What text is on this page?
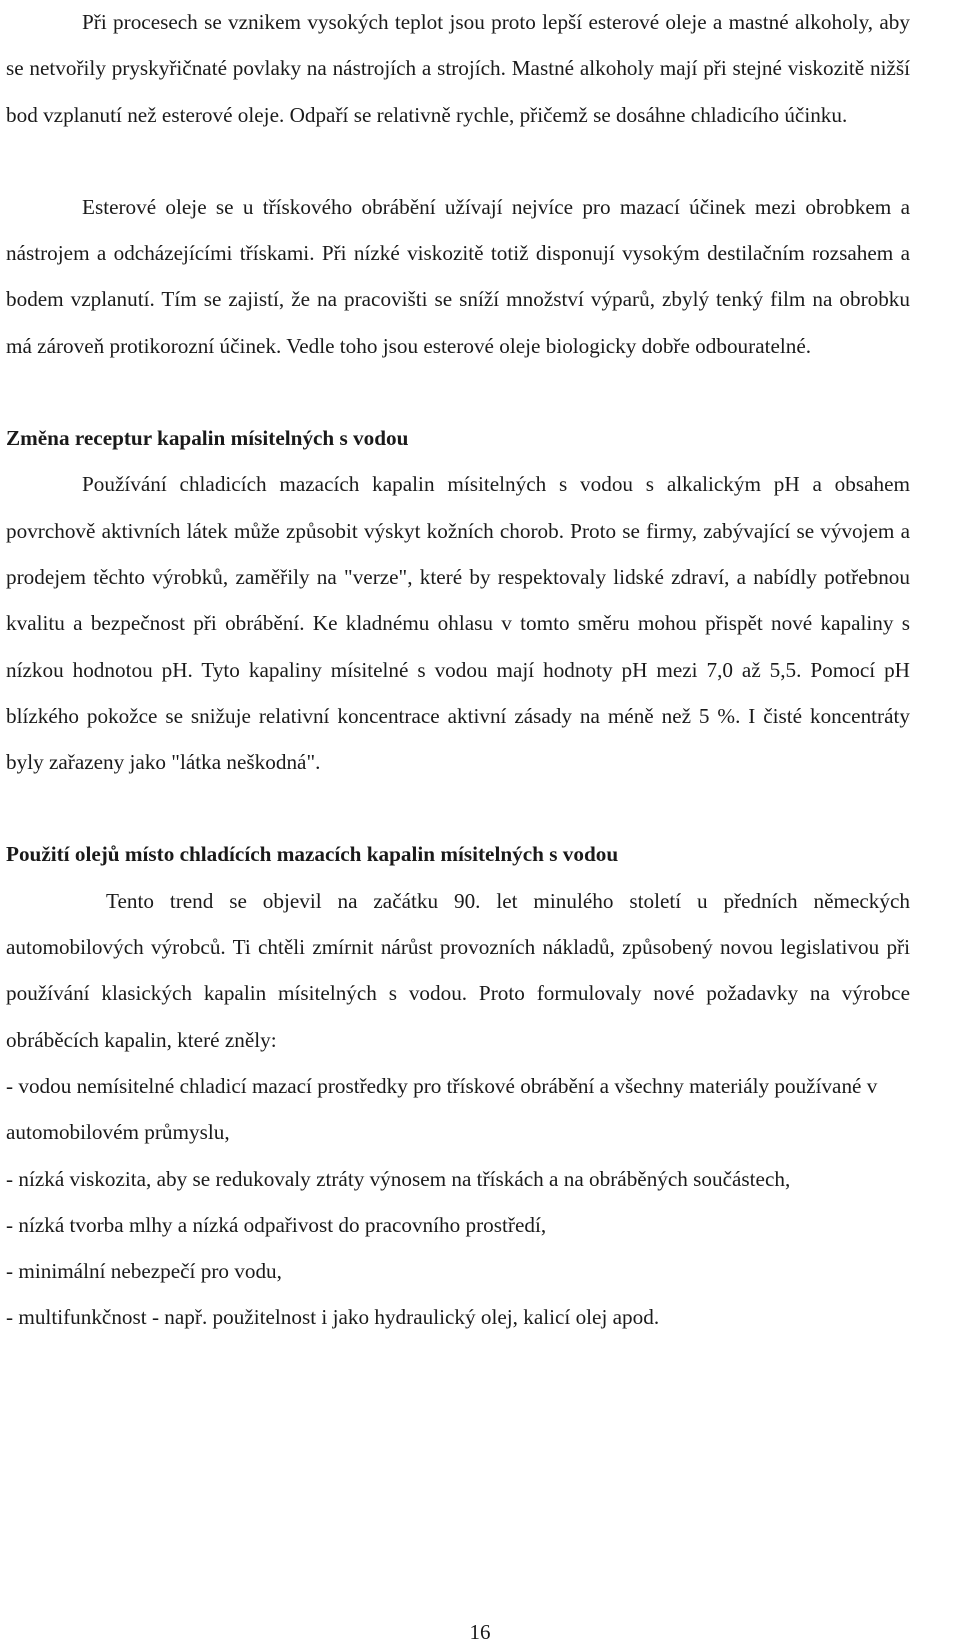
Při procesech se vznikem vysokých teplot jsou proto lepší esterové oleje a mastné alkoholy, aby se netvořily pryskyřičnaté povlaky na nástrojích a strojích. Mastné alkoholy mají při stejné viskozitě nižší bod vzplanutí než esterové oleje. Odpaří se relativně rychle, přičemž se dosáhne chladicího účinku.

Esterové oleje se u třískového obrábění užívají nejvíce pro mazací účinek mezi obrobkem a nástrojem a odcházejícími třískami. Při nízké viskozitě totiž disponují vysokým destilačním rozsahem a bodem vzplanutí. Tím se zajistí, že na pracovišti se sníží množství výparů, zbylý tenký film na obrobku má zároveň protikorozní účinek. Vedle toho jsou esterové oleje biologicky dobře odbouratelné.

Změna receptur kapalin mísitelných s vodou

Používání chladicích mazacích kapalin mísitelných s vodou s alkalickým pH a obsahem povrchově aktivních látek může způsobit výskyt kožních chorob. Proto se firmy, zabývající se vývojem a prodejem těchto výrobků, zaměřily na "verze", které by respektovaly lidské zdraví, a nabídly potřebnou kvalitu a bezpečnost při obrábění. Ke kladnému ohlasu v tomto směru mohou přispět nové kapaliny s nízkou hodnotou pH. Tyto kapaliny mísitelné s vodou mají hodnoty pH mezi 7,0 až 5,5. Pomocí pH blízkého pokožce se snižuje relativní koncentrace aktivní zásady na méně než 5 %. I čisté koncentráty byly zařazeny jako "látka neškodná".

Použití olejů místo chladících mazacích kapalin mísitelných s vodou

Tento trend se objevil na začátku 90. let minulého století u předních německých automobilových výrobců. Ti chtěli zmírnit nárůst provozních nákladů, způsobený novou legislativou při používání klasických kapalin mísitelných s vodou. Proto formulovaly nové požadavky na výrobce obráběcích kapalin, které zněly:

- vodou nemísitelné chladicí mazací prostředky pro třískové obrábění a všechny materiály používané v automobilovém průmyslu,

- nízká viskozita, aby se redukovaly ztráty výnosem na třískách a na obráběných součástech,

- nízká tvorba mlhy a nízká odpařivost do pracovního prostředí,

- minimální nebezpečí pro vodu,

- multifunkčnost - např. použitelnost i jako hydraulický olej, kalicí olej apod.

16
